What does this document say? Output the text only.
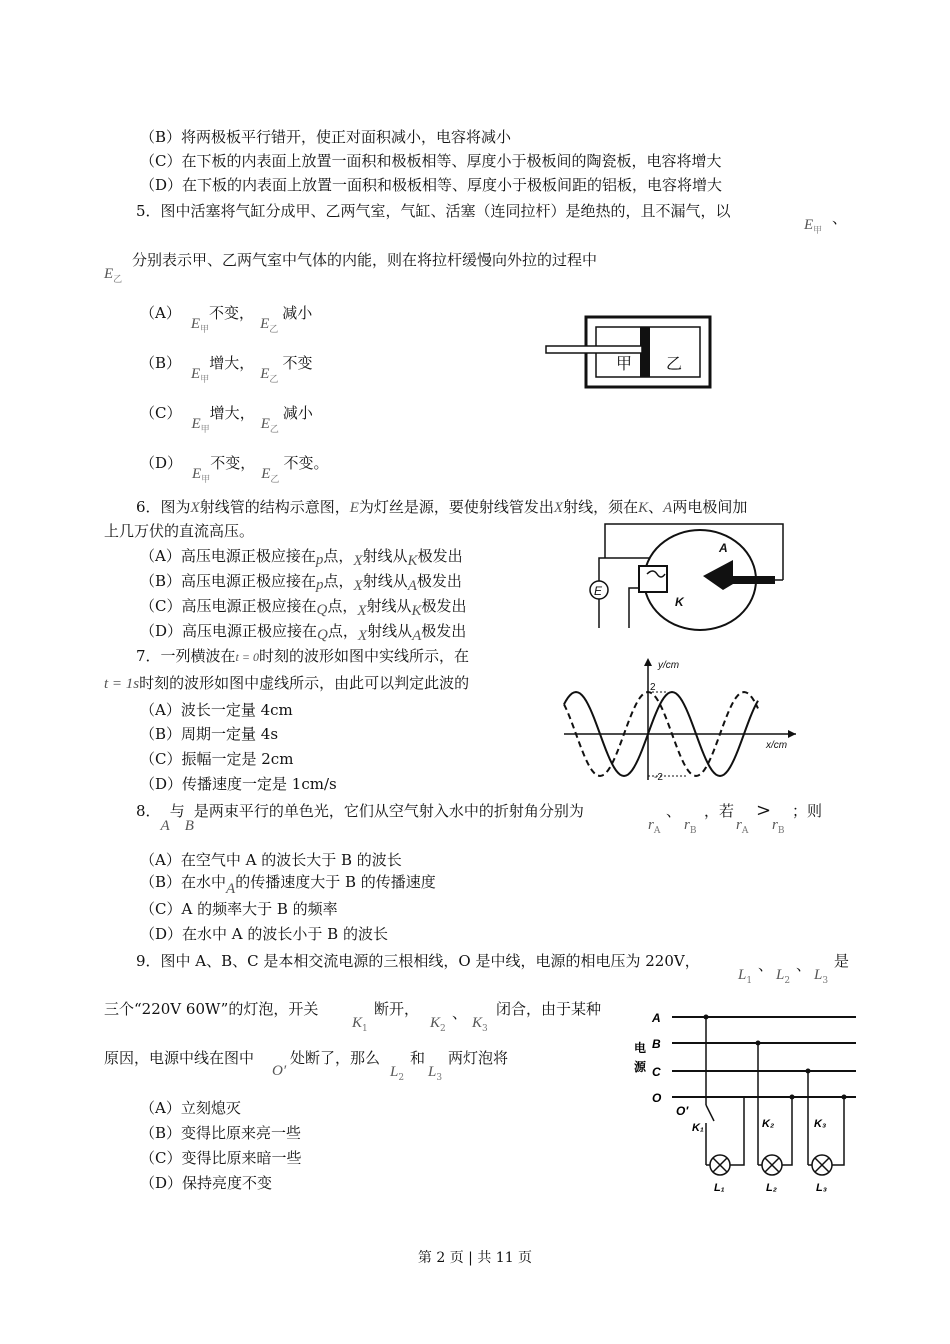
（B）将两极板平行错开，使正对面积减小，电容将减小
（C）在下板的内表面上放置一面积和极板相等、厚度小于极板间的陶瓷板，电容将增大
（D）在下板的内表面上放置一面积和极板相等、厚度小于极板间距的铝板，电容将增大
5．图中活塞将气缸分成甲、乙两气室，气缸、活塞（连同拉杆）是绝热的，且不漏气，以
$E_甲$
、
$E_乙$
分别表示甲、乙两气室中气体的内能，则在将拉杆缓慢向外拉的过程中
$(A)E_甲$不变，$E_乙$减小
$(B)E_甲$增大，$E_乙$不变
$(C)E_甲$增大，$E_乙$减小
$(D)E_甲$不变，$E_乙$不变。
甲 乙
6．图为X射线管的结构示意图，E为灯丝是源，要使射线管发出X射线，须在K、A两电极间加
上几万伏的直流高压。
（A）高压电源正极应接在p点，X射线从K极发出
（B）高压电源正极应接在p点，X射线从A极发出
（C）高压电源正极应接在Q点，X射线从K极发出
（D）高压电源正极应接在Q点，X射线从A极发出
E
A
K
7．一列横波在t = 0时刻的波形如图中实线所示，在
t = 1s时刻的波形如图中虚线所示，由此可以判定此波的
（A）波长一定量 4cm
（B）周期一定量 4s
（C）振幅一定是 2cm
（D）传播速度一定是 1cm/s
y/cm
x/cm
2
-2
8．A与B是两束平行的单色光，它们从空气射入水中的折射角分别为
$r_A$
、
$r_B$
，若
$r_A$
>
$r_B$
；则
（A）在空气中 A 的波长大于 B 的波长
（B）在水中A的传播速度大于 B 的传播速度
（C）A 的频率大于 B 的频率
（D）在水中 A 的波长小于 B 的波长
9．图中 A、B、C 是本相交流电源的三根相线，O 是中线，电源的相电压为 220V，
$L_1$
、
$L_2$
、
$L_3$
是
三个“220V 60W”的灯泡，开关
$K_1$
断开，
$K_2$
、
$K_3$
闭合，由于某种
原因，电源中线在图中
O′
处断了，那么
$L_2$
和
$L_3$
两灯泡将
（A）立刻熄灭
（B）变得比原来亮一些
（C）变得比原来暗一些
（D）保持亮度不变
A
B
C
O
电
源
O′
K₁
L₁
K₂
L₂
K₃
L₃
第 2 页 | 共 11 页
